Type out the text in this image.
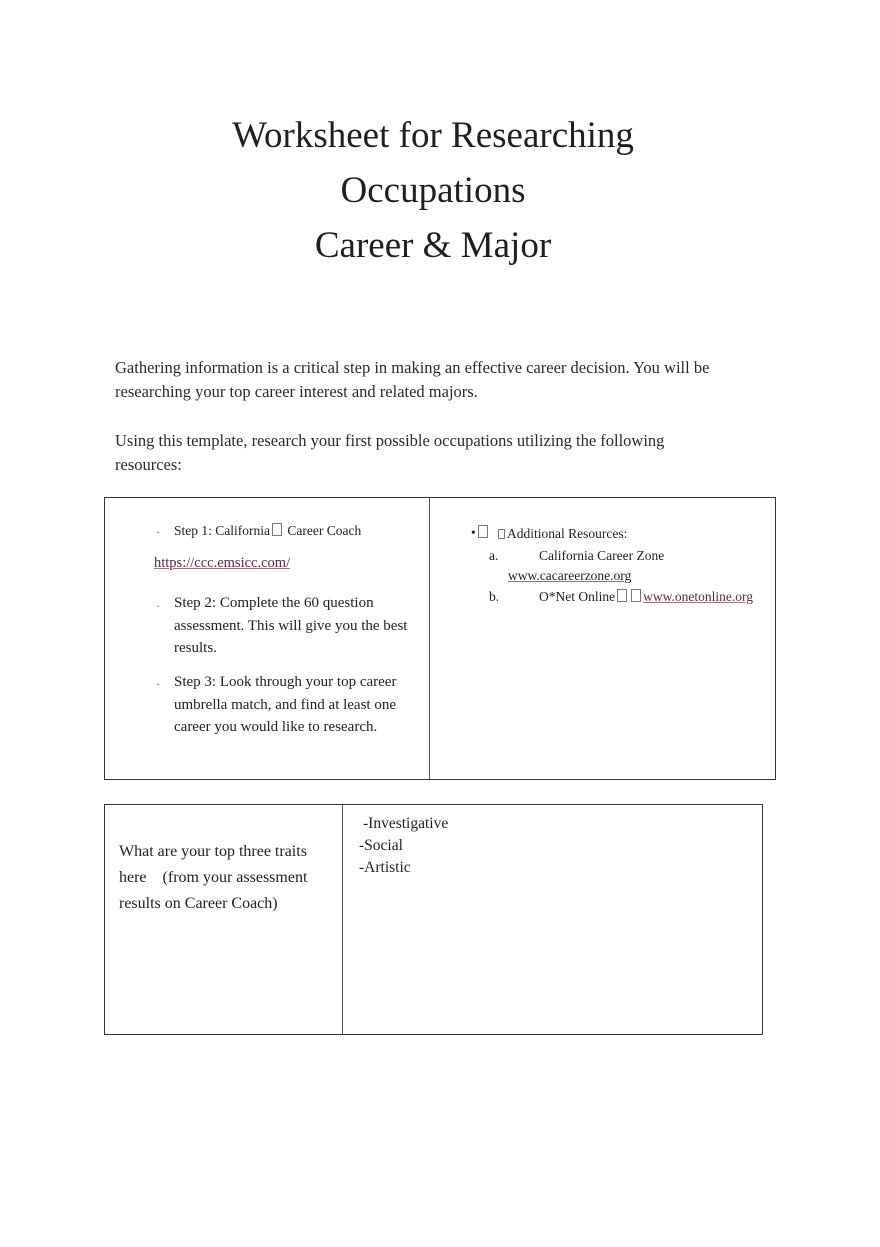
Worksheet for Researching
Occupations
Career & Major

Gathering information is a critical step in making an effective career decision. You will be researching your top career interest and related majors.

Using this template, research your first possible occupations utilizing the following resources:

· Step 1: California Career Coach
https://ccc.emsicc.com/
· Step 2: Complete the 60 question assessment. This will give you the best results.
· Step 3: Look through your top career umbrella match, and find at least one career you would like to research.
•	Additional Resources:
a.	California Career Zone
www.cacareerzone.org
b.	O*Net Online www.onetonline.org
What are your top three traits here    (from your assessment results on Career Coach)
-Investigative
-Social
-Artistic
